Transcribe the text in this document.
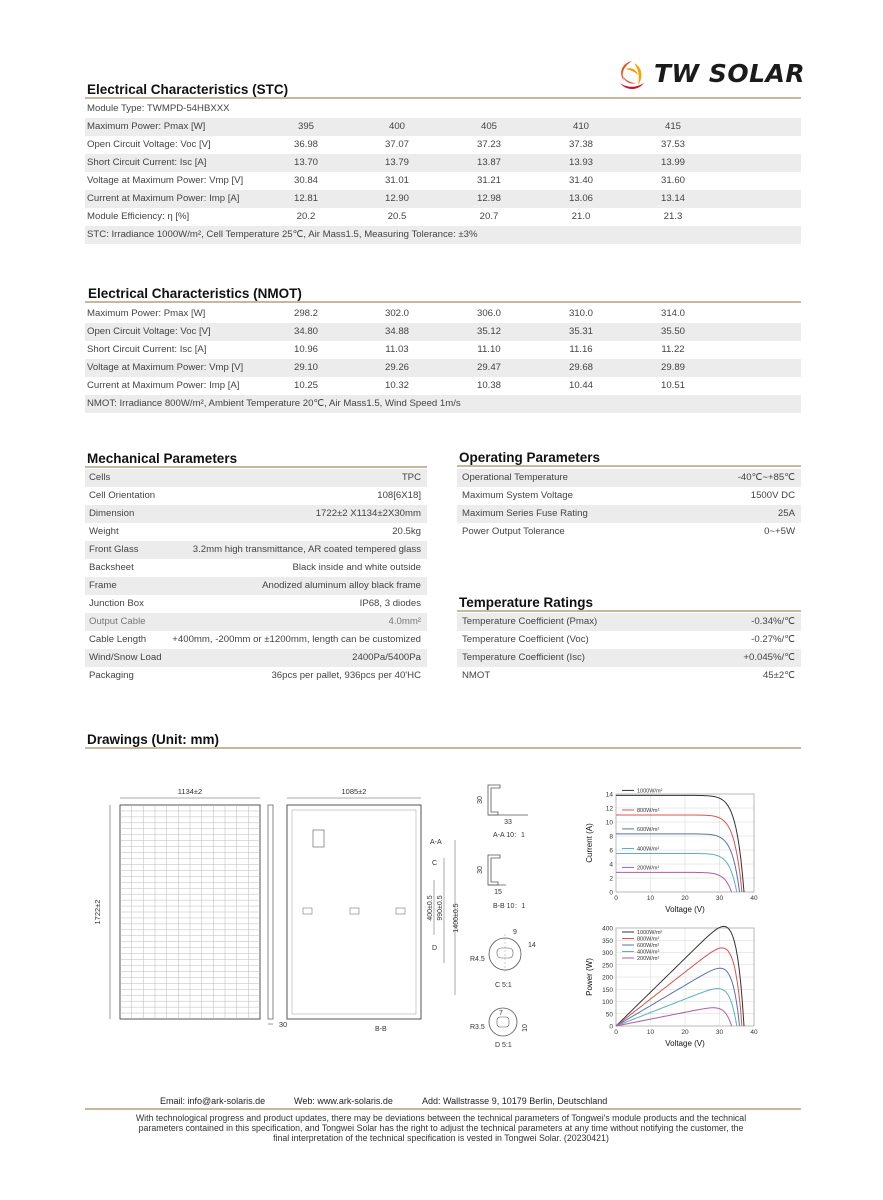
TW SOLAR
Electrical Characteristics (STC)
Module Type: TWMPD-54HBXXX
Maximum Power: Pmax [W]	395	400	405	410	415
Open Circuit Voltage: Voc [V]	36.98	37.07	37.23	37.38	37.53
Short Circuit Current: Isc [A]	13.70	13.79	13.87	13.93	13.99
Voltage at Maximum Power: Vmp [V]	30.84	31.01	31.21	31.40	31.60
Current at Maximum Power: Imp [A]	12.81	12.90	12.98	13.06	13.14
Module Efficiency: η [%]	20.2	20.5	20.7	21.0	21.3
STC: Irradiance 1000W/m², Cell Temperature 25℃, Air Mass1.5, Measuring Tolerance: ±3%
Electrical Characteristics (NMOT)
Maximum Power: Pmax [W]	298.2	302.0	306.0	310.0	314.0
Open Circuit Voltage: Voc [V]	34.80	34.88	35.12	35.31	35.50
Short Circuit Current: Isc [A]	10.96	11.03	11.10	11.16	11.22
Voltage at Maximum Power: Vmp [V]	29.10	29.26	29.47	29.68	29.89
Current at Maximum Power: Imp [A]	10.25	10.32	10.38	10.44	10.51
NMOT: Irradiance 800W/m², Ambient Temperature 20℃, Air Mass1.5, Wind Speed 1m/s
Mechanical Parameters
Cells	TPC
Cell Orientation	108[6X18]
Dimension	1722±2 X1134±2X30mm
Weight	20.5kg
Front Glass	3.2mm high transmittance, AR coated tempered glass
Backsheet	Black inside and white outside
Frame	Anodized aluminum alloy black frame
Junction Box	IP68, 3 diodes
Output Cable	4.0mm²
Cable Length	+400mm, -200mm or ±1200mm, length can be customized
Wind/Snow Load	2400Pa/5400Pa
Packaging	36pcs per pallet, 936pcs per 40'HC
Operating Parameters
Operational Temperature	-40℃~+85℃
Maximum System Voltage	1500V DC
Maximum Series Fuse Rating	25A
Power Output Tolerance	0~+5W
Temperature Ratings
Temperature Coefficient (Pmax)	-0.34%/℃
Temperature Coefficient (Voc)	-0.27%/℃
Temperature Coefficient (Isc)	+0.045%/℃
NMOT	45±2℃
Drawings (Unit: mm)
1134±2
1722±2
30
1085±2
A-A
C
D
B-B
400±0.5 990±0.5 1400±0.5
30
33
A-A 10：1
30
15
B-B 10：1
9
14
R4.5
C 5:1
7
10
R3.5
D 5:1
0
2
4
6
8
10
12
14
0	10	20	30	40
Voltage (V)
Current (A)
1000W/m²
800W/m²
600W/m²
400W/m²
200W/m²
0
50
100
150
200
250
300
350
400
0	10	20	30	40
Voltage (V)
Power (W)
1000W/m²
800W/m²
600W/m²
400W/m²
200W/m²
Email: info@ark-solaris.de	Web: www.ark-solaris.de	Add: Wallstrasse 9, 10179 Berlin, Deutschland
With technological progress and product updates, there may be deviations between the technical parameters of Tongwei's module products and the technical parameters contained in this specification, and Tongwei Solar has the right to adjust the technical parameters at any time without notifying the customer, the final interpretation of the technical specification is vested in Tongwei Solar. (20230421)
